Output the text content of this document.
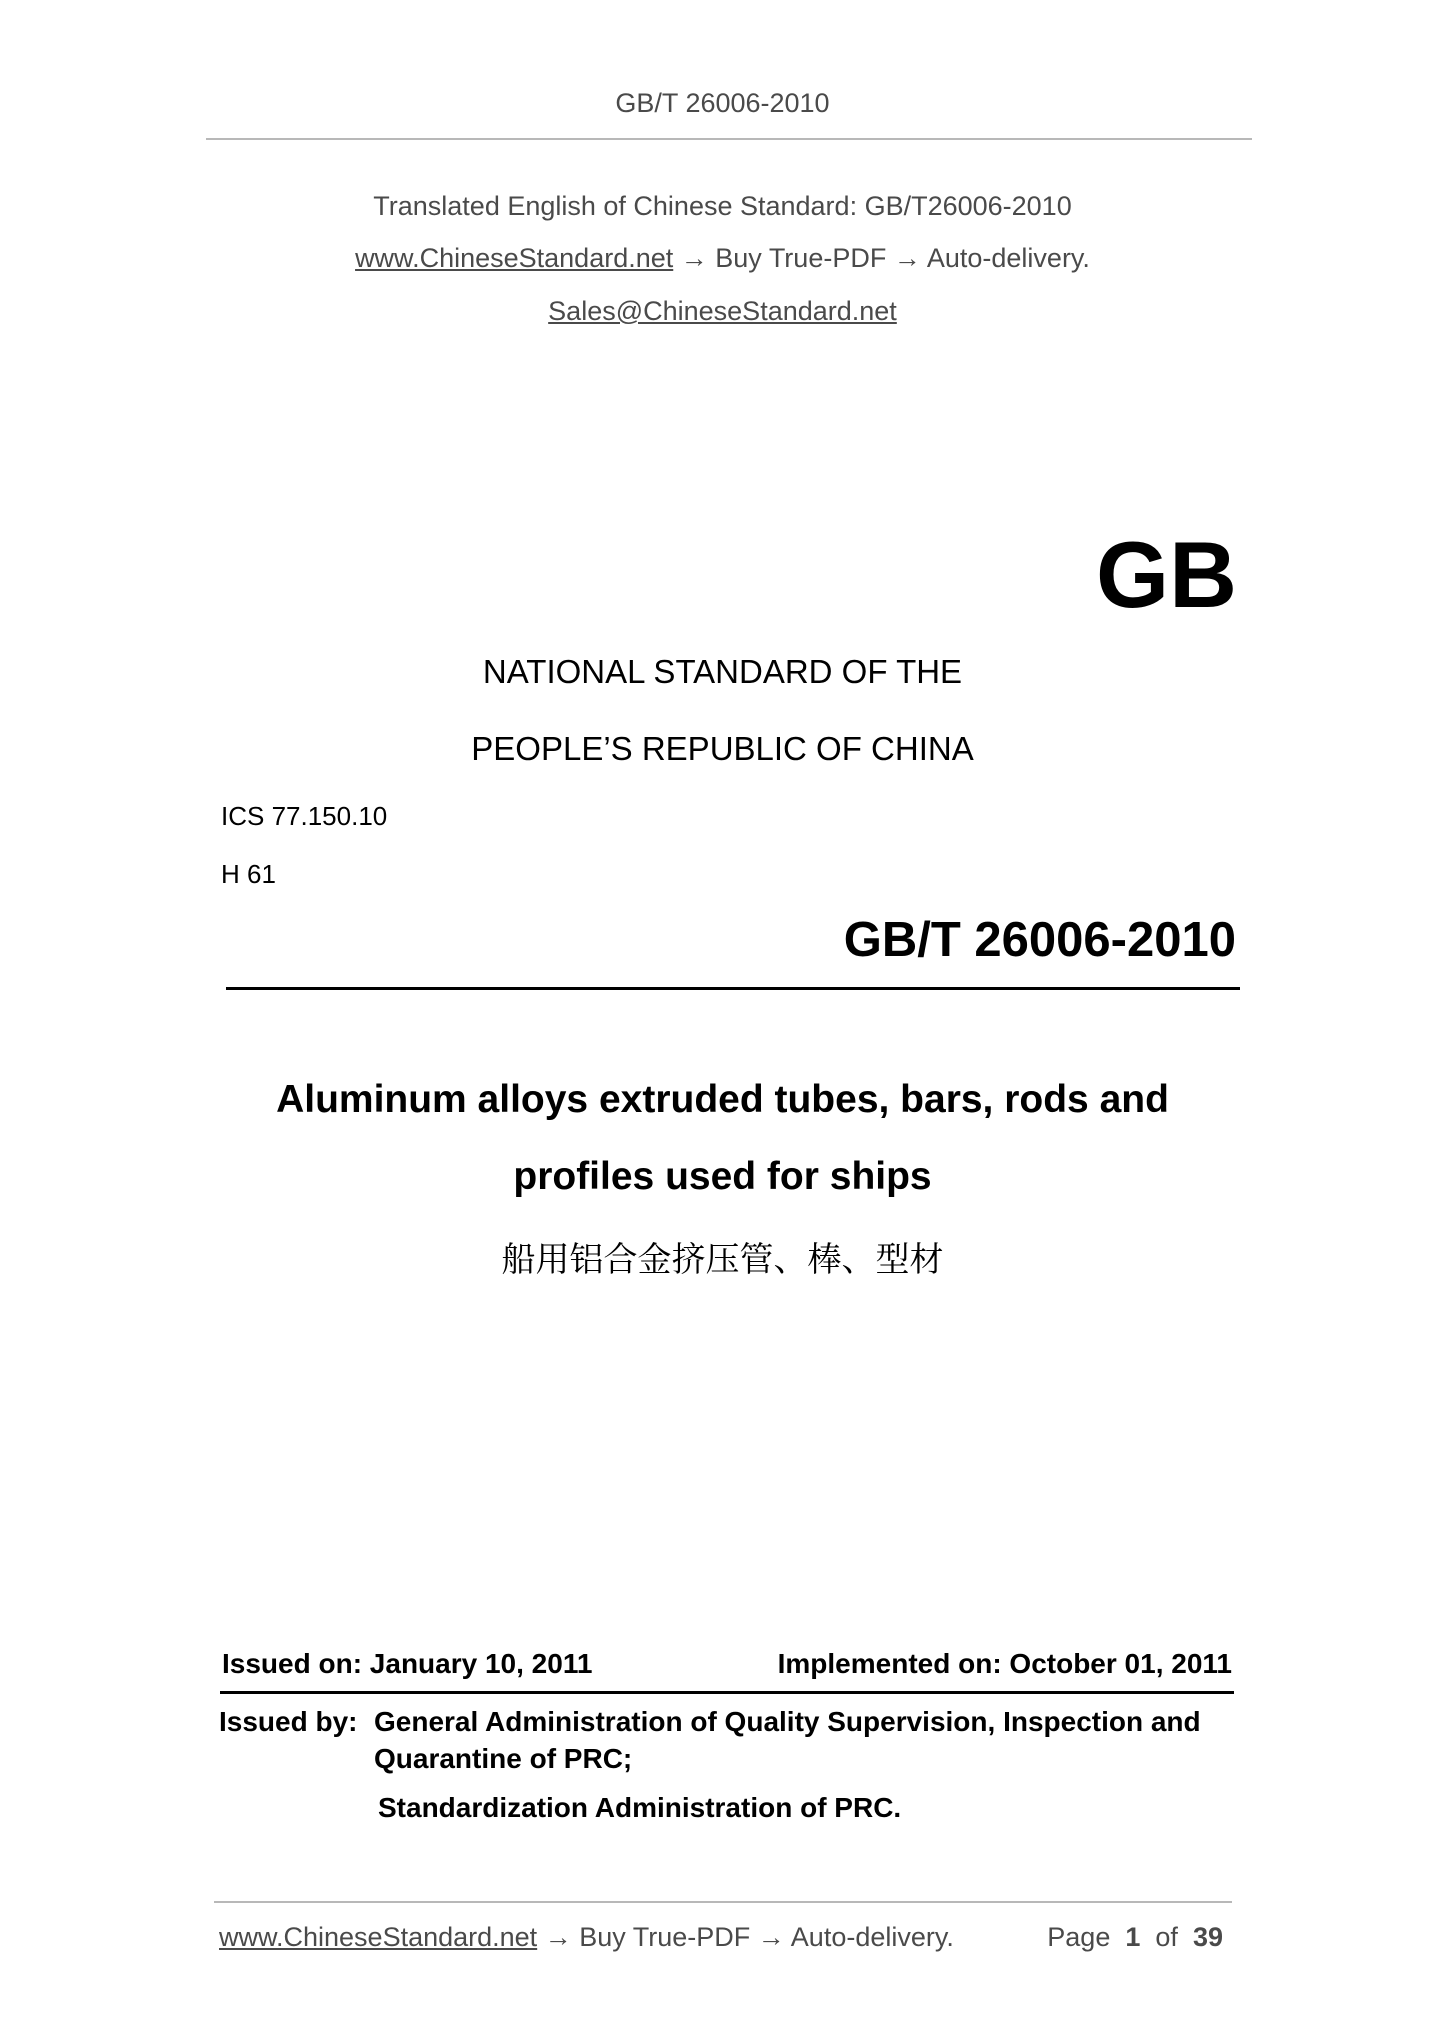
GB/T 26006-2010
Translated English of Chinese Standard: GB/T26006-2010
www.ChineseStandard.net → Buy True-PDF → Auto-delivery.
Sales@ChineseStandard.net
GB
NATIONAL STANDARD OF THE
PEOPLE’S REPUBLIC OF CHINA
ICS 77.150.10
H 61
GB/T 26006-2010
Aluminum alloys extruded tubes, bars, rods and
profiles used for ships
船用铝合金挤压管、棒、型材
Issued on: January 10, 2011	Implemented on: October 01, 2011
Issued by: General Administration of Quality Supervision, Inspection and
Quarantine of PRC;
Standardization Administration of PRC.
www.ChineseStandard.net → Buy True-PDF → Auto-delivery.	Page 1 of 39
